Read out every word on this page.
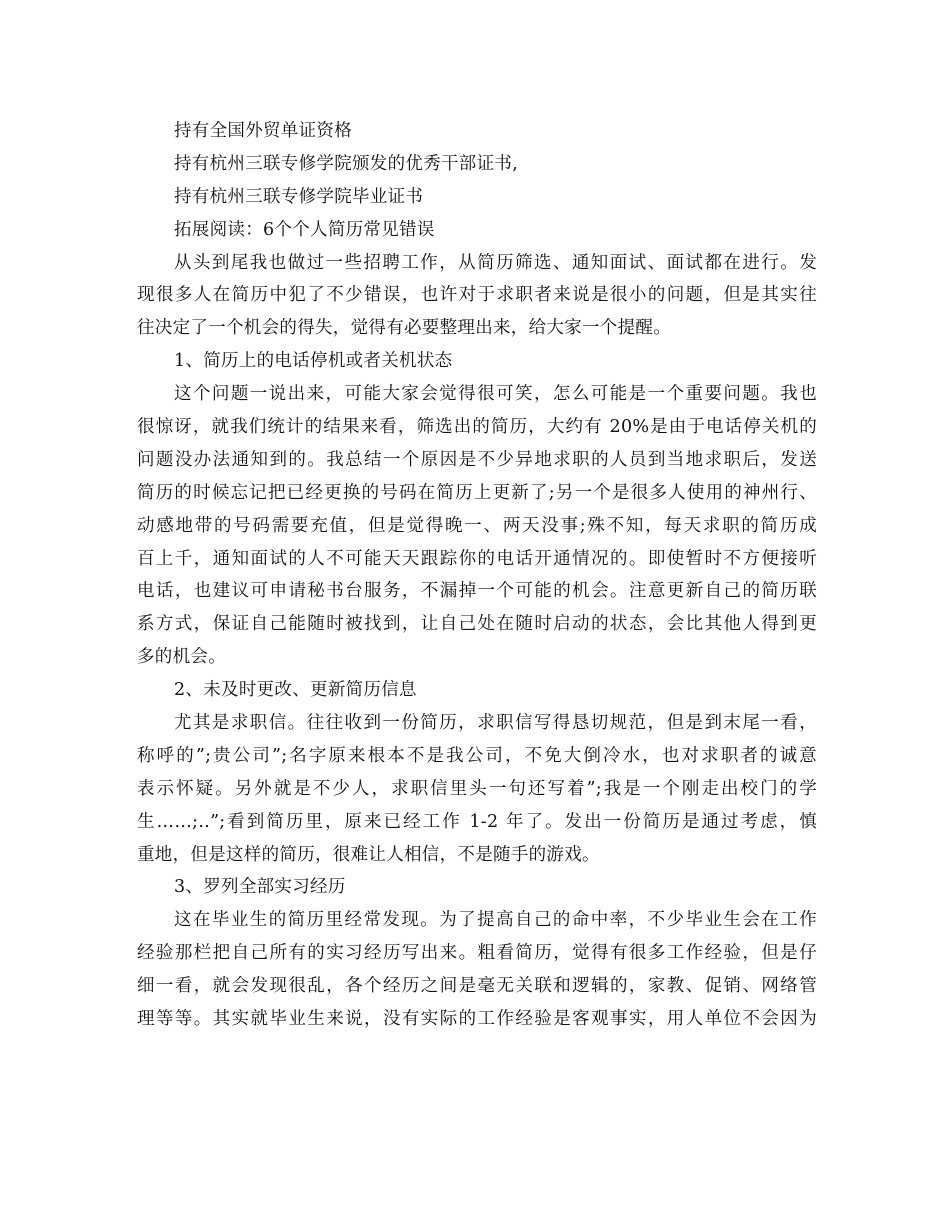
持有全国外贸单证资格
持有杭州三联专修学院颁发的优秀干部证书,
持有杭州三联专修学院毕业证书
拓展阅读：6个个人简历常见错误
从头到尾我也做过一些招聘工作，从简历筛选、通知面试、面试都在进行。发
现很多人在简历中犯了不少错误，也许对于求职者来说是很小的问题，但是其实往
往决定了一个机会的得失，觉得有必要整理出来，给大家一个提醒。
1、简历上的电话停机或者关机状态
这个问题一说出来，可能大家会觉得很可笑，怎么可能是一个重要问题。我也
很惊讶，就我们统计的结果来看，筛选出的简历，大约有 20%是由于电话停关机的
问题没办法通知到的。我总结一个原因是不少异地求职的人员到当地求职后，发送
简历的时候忘记把已经更换的号码在简历上更新了;另一个是很多人使用的神州行、
动感地带的号码需要充值，但是觉得晚一、两天没事;殊不知，每天求职的简历成
百上千，通知面试的人不可能天天跟踪你的电话开通情况的。即使暂时不方便接听
电话，也建议可申请秘书台服务，不漏掉一个可能的机会。注意更新自己的简历联
系方式，保证自己能随时被找到，让自己处在随时启动的状态，会比其他人得到更
多的机会。
2、未及时更改、更新简历信息
尤其是求职信。往往收到一份简历，求职信写得恳切规范，但是到末尾一看，
称呼的”;贵公司”;名字原来根本不是我公司，不免大倒冷水，也对求职者的诚意
表示怀疑。另外就是不少人，求职信里头一句还写着”;我是一个刚走出校门的学
生……;..”;看到简历里，原来已经工作 1-2 年了。发出一份简历是通过考虑，慎
重地，但是这样的简历，很难让人相信，不是随手的游戏。
3、罗列全部实习经历
这在毕业生的简历里经常发现。为了提高自己的命中率，不少毕业生会在工作
经验那栏把自己所有的实习经历写出来。粗看简历，觉得有很多工作经验，但是仔
细一看，就会发现很乱，各个经历之间是毫无关联和逻辑的，家教、促销、网络管
理等等。其实就毕业生来说，没有实际的工作经验是客观事实，用人单位不会因为
